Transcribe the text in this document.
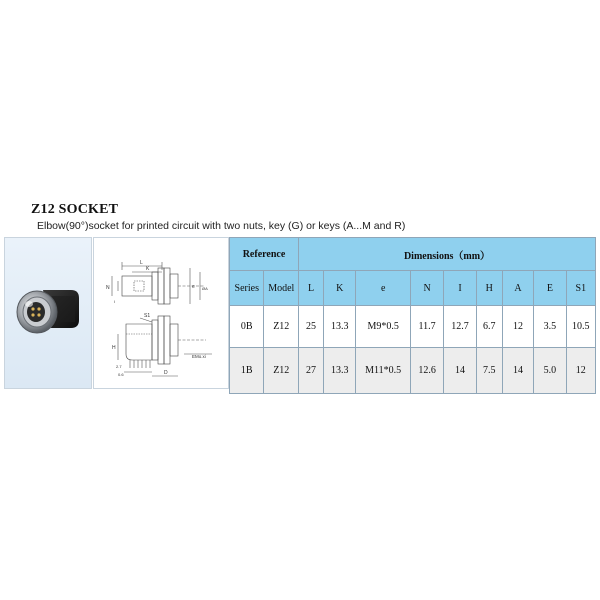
Z12 SOCKET
Elbow(90°)socket for printed circuit with two nuts, key (G) or keys (A...M and R)
L
K
N
I
e ØA
S1
H
2.7
0.6	D
EMo.xi
Reference		Dimensions（mm）								
Series	Model	L	K	e	N	I	H	A	E	S1
0B	Z12	25	13.3	M9*0.5	11.7	12.7	6.7	12	3.5	10.5
1B	Z12	27	13.3	M11*0.5	12.6	14	7.5	14	5.0	12
